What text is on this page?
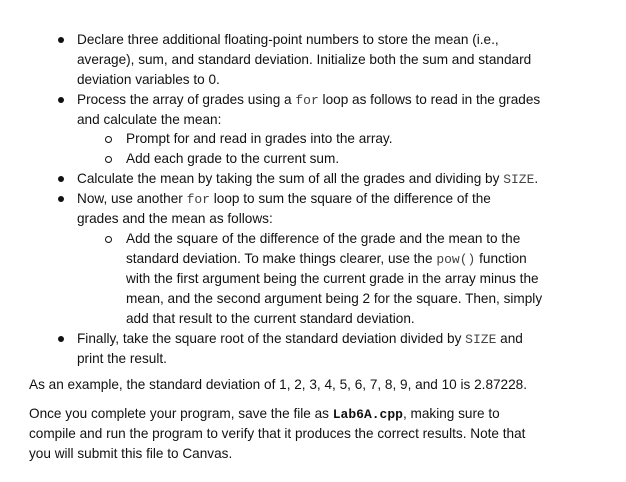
Declare three additional floating-point numbers to store the mean (i.e.,
average), sum, and standard deviation. Initialize both the sum and standard
deviation variables to 0.
Process the array of grades using a for loop as follows to read in the grades
and calculate the mean:
Prompt for and read in grades into the array.
Add each grade to the current sum.
Calculate the mean by taking the sum of all the grades and dividing by SIZE.
Now, use another for loop to sum the square of the difference of the
grades and the mean as follows:
Add the square of the difference of the grade and the mean to the
standard deviation. To make things clearer, use the pow() function
with the first argument being the current grade in the array minus the
mean, and the second argument being 2 for the square. Then, simply
add that result to the current standard deviation.
Finally, take the square root of the standard deviation divided by SIZE and
print the result.
As an example, the standard deviation of 1, 2, 3, 4, 5, 6, 7, 8, 9, and 10 is 2.87228.
Once you complete your program, save the file as Lab6A.cpp, making sure to
compile and run the program to verify that it produces the correct results. Note that
you will submit this file to Canvas.
